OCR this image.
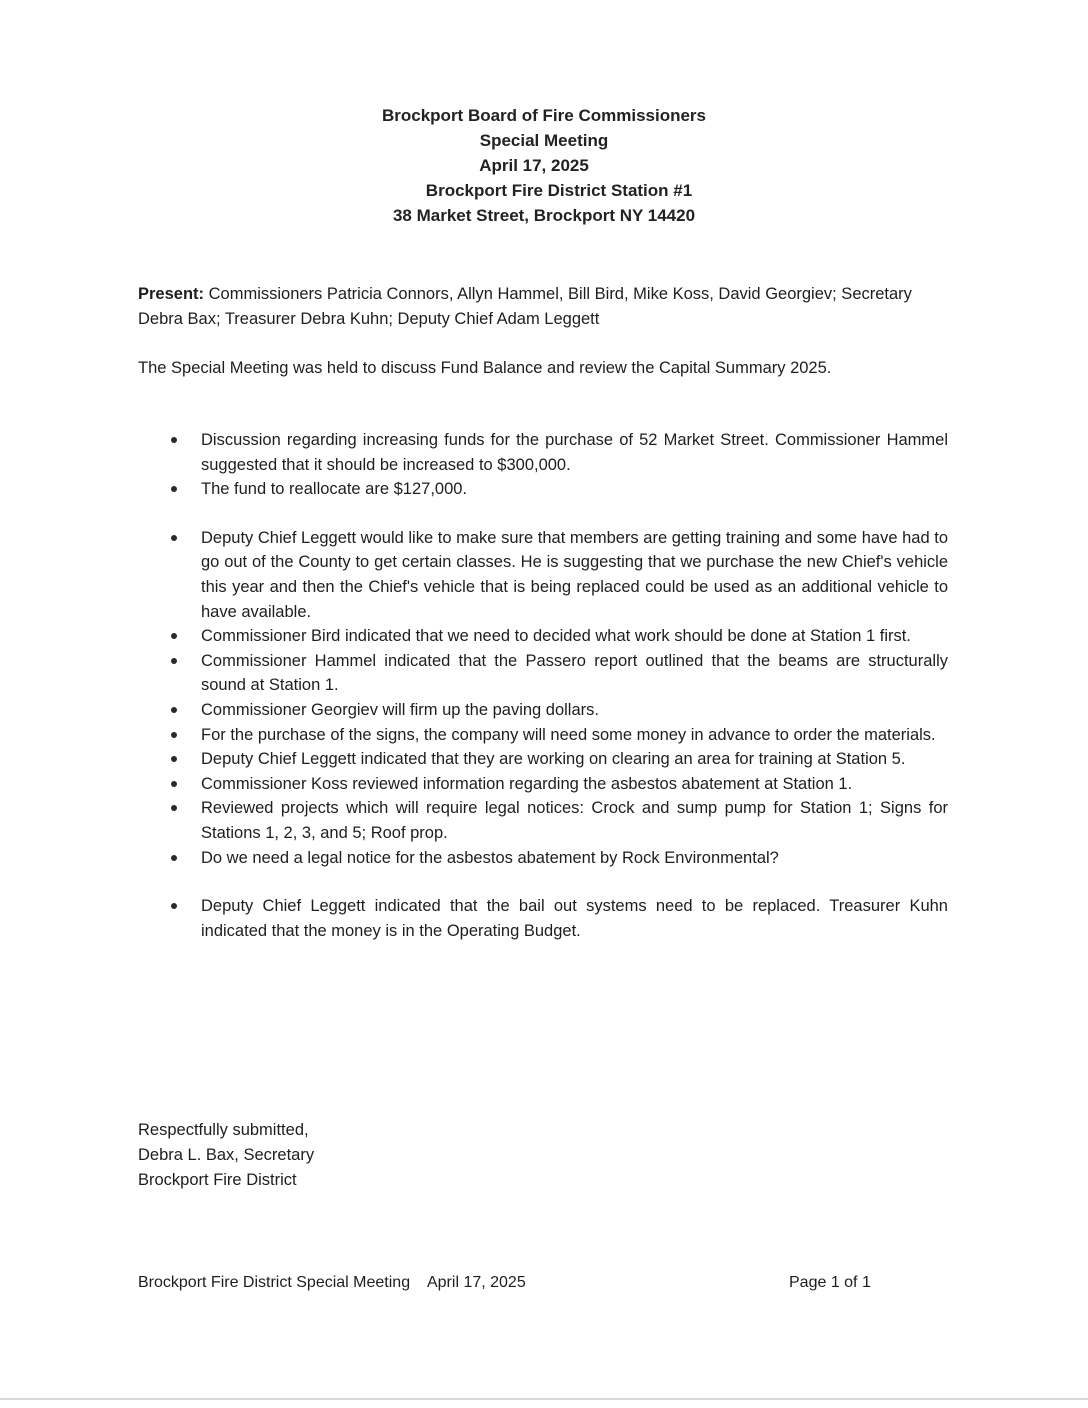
Brockport Board of Fire Commissioners
Special Meeting
April 17, 2025
Brockport Fire District Station #1
38 Market Street, Brockport NY 14420
Present: Commissioners Patricia Connors, Allyn Hammel, Bill Bird, Mike Koss, David Georgiev; Secretary Debra Bax; Treasurer Debra Kuhn; Deputy Chief Adam Leggett
The Special Meeting was held to discuss Fund Balance and review the Capital Summary 2025.
Discussion regarding increasing funds for the purchase of 52 Market Street. Commissioner Hammel suggested that it should be increased to $300,000.
The fund to reallocate are $127,000.
Deputy Chief Leggett would like to make sure that members are getting training and some have had to go out of the County to get certain classes. He is suggesting that we purchase the new Chief's vehicle this year and then the Chief's vehicle that is being replaced could be used as an additional vehicle to have available.
Commissioner Bird indicated that we need to decided what work should be done at Station 1 first.
Commissioner Hammel indicated that the Passero report outlined that the beams are structurally sound at Station 1.
Commissioner Georgiev will firm up the paving dollars.
For the purchase of the signs, the company will need some money in advance to order the materials.
Deputy Chief Leggett indicated that they are working on clearing an area for training at Station 5.
Commissioner Koss reviewed information regarding the asbestos abatement at Station 1.
Reviewed projects which will require legal notices: Crock and sump pump for Station 1; Signs for Stations 1, 2, 3, and 5; Roof prop.
Do we need a legal notice for the asbestos abatement by Rock Environmental?
Deputy Chief Leggett indicated that the bail out systems need to be replaced. Treasurer Kuhn indicated that the money is in the Operating Budget.
Respectfully submitted,
Debra L. Bax, Secretary
Brockport Fire District
Brockport Fire District Special Meeting    April 17, 2025	Page 1 of 1
